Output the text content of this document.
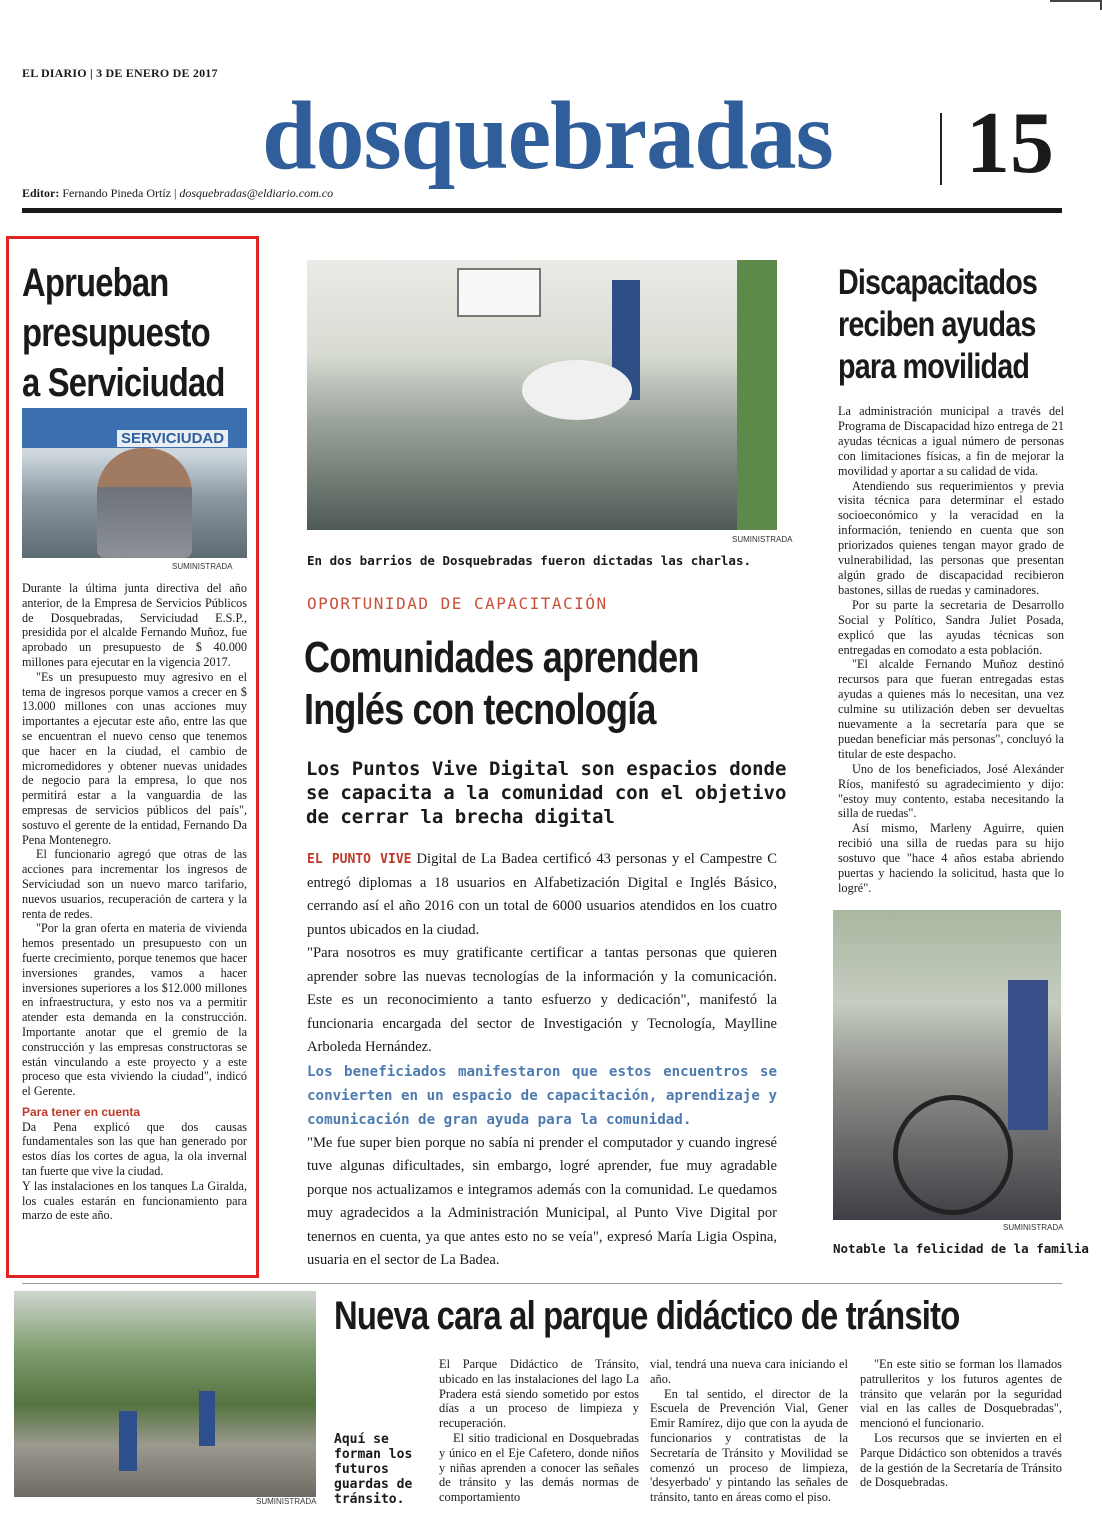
EL DIARIO | 3 DE ENERO DE 2017
dosquebradas 15
Editor: Fernando Pineda Ortíz | dosquebradas@eldiario.com.co
Aprueban presupuesto a Serviciudad
SERVICIUDAD
SUMINISTRADA

Durante la última junta directiva del año anterior, de la Empresa de Servicios Públicos de Dosquebradas, Serviciudad E.S.P., presidida por el alcalde Fernando Muñoz, fue aprobado un presupuesto de $ 40.000 millones para ejecutar en la vigencia 2017.

"Es un presupuesto muy agresivo en el tema de ingresos porque vamos a crecer en $ 13.000 millones con unas acciones muy importantes a ejecutar este año, entre las que se encuentran el nuevo censo que tenemos que hacer en la ciudad, el cambio de micromedidores y obtener nuevas unidades de negocio para la empresa, lo que nos permitirá estar a la vanguardia de las empresas de servicios públicos del país", sostuvo el gerente de la entidad, Fernando Da Pena Montenegro.

El funcionario agregó que otras de las acciones para incrementar los ingresos de Serviciudad son un nuevo marco tarifario, nuevos usuarios, recuperación de cartera y la renta de redes.

"Por la gran oferta en materia de vivienda hemos presentado un presupuesto con un fuerte crecimiento, porque tenemos que hacer inversiones grandes, vamos a hacer inversiones superiores a los $12.000 millones en infraestructura, y esto nos va a permitir atender esta demanda en la construcción. Importante anotar que el gremio de la construcción y las empresas constructoras se están vinculando a este proyecto y a este proceso que esta viviendo la ciudad", indicó el Gerente.

Para tener en cuenta

Da Pena explicó que dos causas fundamentales son las que han generado por estos días los cortes de agua, la ola invernal tan fuerte que vive la ciudad.

Y las instalaciones en los tanques La Giralda, los cuales estarán en funcionamiento para marzo de este año.

SUMINISTRADA
En dos barrios de Dosquebradas fueron dictadas las charlas.
OPORTUNIDAD DE CAPACITACIÓN
Comunidades aprenden
Inglés con tecnología
Los Puntos Vive Digital son espacios donde se capacita a la comunidad con el objetivo de cerrar la brecha digital

EL PUNTO VIVE Digital de La Badea certificó 43 personas y el Campestre C entregó diplomas a 18 usuarios en Alfabetización Digital e Inglés Básico, cerrando así el año 2016 con un total de 6000 usuarios atendidos en los cuatro puntos ubicados en la ciudad.

"Para nosotros es muy gratificante certificar a tantas personas que quieren aprender sobre las nuevas tecnologías de la información y la comunicación. Este es un reconocimiento a tanto esfuerzo y dedicación", manifestó la funcionaria encargada del sector de Investigación y Tecnología, Maylline Arboleda Hernández.

Los beneficiados manifestaron que estos encuentros se convierten en un espacio de capacitación, aprendizaje y comunicación de gran ayuda para la comunidad.

"Me fue super bien porque no sabía ni prender el computador y cuando ingresé tuve algunas dificultades, sin embargo, logré aprender, fue muy agradable porque nos actualizamos e integramos además con la comunidad. Le quedamos muy agradecidos a la Administración Municipal, al Punto Vive Digital por tenernos en cuenta, ya que antes esto no se veía", expresó María Ligia Ospina, usuaria en el sector de La Badea.

Discapacitados reciben ayudas para movilidad

La administración municipal a través del Programa de Discapacidad hizo entrega de 21 ayudas técnicas a igual número de personas con limitaciones físicas, a fin de mejorar la movilidad y aportar a su calidad de vida.

Atendiendo sus requerimientos y previa visita técnica para determinar el estado socioeconómico y la veracidad en la información, teniendo en cuenta que son priorizados quienes tengan mayor grado de vulnerabilidad, las personas que presentan algún grado de discapacidad recibieron bastones, sillas de ruedas y caminadores.

Por su parte la secretaria de Desarrollo Social y Político, Sandra Juliet Posada, explicó que las ayudas técnicas son entregadas en comodato a esta población.

"El alcalde Fernando Muñoz destinó recursos para que fueran entregadas estas ayudas a quienes más lo necesitan, una vez culmine su utilización deben ser devueltas nuevamente a la secretaría para que se puedan beneficiar más personas", concluyó la titular de este despacho.

Uno de los beneficiados, José Alexánder Ríos, manifestó su agradecimiento y dijo: "estoy muy contento, estaba necesitando la silla de ruedas".

Así mismo, Marleny Aguirre, quien recibió una silla de ruedas para su hijo sostuvo que "hace 4 años estaba abriendo puertas y haciendo la solicitud, hasta que lo logré".

SUMINISTRADA
Notable la felicidad de la familia
Nueva cara al parque didáctico de tránsito
SUMINISTRADA
Aquí se forman los futuros guardas de tránsito.

El Parque Didáctico de Tránsito, ubicado en las instalaciones del lago La Pradera está siendo sometido por estos días a un proceso de limpieza y recuperación.

El sitio tradicional en Dosquebradas y único en el Eje Cafetero, donde niños y niñas aprenden a conocer las señales de tránsito y las demás normas de comportamiento

vial, tendrá una nueva cara iniciando el año.

En tal sentido, el director de la Escuela de Prevención Vial, Gener Emir Ramírez, dijo que con la ayuda de funcionarios y contratistas de la Secretaría de Tránsito y Movilidad se comenzó un proceso de limpieza, 'desyerbado' y pintando las señales de tránsito, tanto en áreas como el piso.

"En este sitio se forman los llamados patrulleritos y los futuros agentes de tránsito que velarán por la seguridad vial en las calles de Dosquebradas", mencionó el funcionario.

Los recursos que se invierten en el Parque Didáctico son obtenidos a través de la gestión de la Secretaría de Tránsito de Dosquebradas.
